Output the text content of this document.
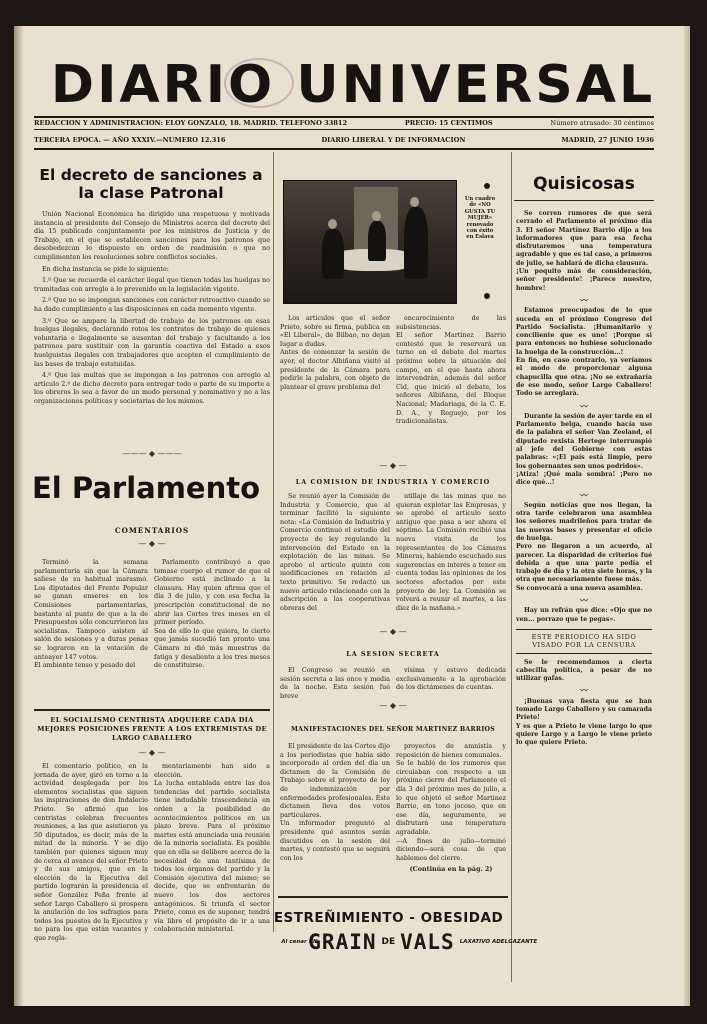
DIARIO UNIVERSAL
REDACCION Y ADMINISTRACION: ELOY GONZALO, 18. MADRID. TELEFONO 33812	PRECIO: 15 CENTIMOS	Número atrasado: 30 céntimos
TERCERA EPOCA. — AÑO XXXIV.—NUMERO 12.316	DIARIO LIBERAL Y DE INFORMACION	MADRID, 27 JUNIO 1936
El decreto de sanciones a la clase Patronal

Unión Nacional Económica ha dirigido una respetuosa y motivada instancia al presidente del Consejo de Ministros acerca del decreto del día 15 publicado conjuntamente por los ministros de Justicia y de Trabajo, en el que se establecen sanciones para los patronos que desobedezcan lo dispuesto en orden de readmisión o que no cumplimenten los resoluciones sobre conflictos sociales.

En dicha instancia se pide lo siguiente:

1.º Que se recuerde el carácter ilegal que tienen todas las huelgas no tramitadas con arreglo a lo prevenido en la legislación vigente.

2.º Que no se impongan sanciones con carácter retroactivo cuando se ha dado cumplimiento a las disposiciones en cada momento vigente.

3.º Que se ampare la libertad de trabajo de los patronos en esas huelgas ilegales, declarando rotos los contratos de trabajo de quienes voluntaria e ilegalmente se ausentan del trabajo y facultando a los patronos para sustituir con la garantía coactiva del Estado a esos huelguistas ilegales con trabajadores que acepten el cumplimiento de las bases de trabajo estatuidas.

4.º Que las multas que se impongan a los patronos con arreglo al artículo 2.º de dicho decreto para entregar todo o parte de su importe a los obreros lo sea a favor de un modo personal y nominativo y no a las organizaciones políticas y societarias de los mismos.

——— ◆ ———
El Parlamento
COMENTARIOS
— ◆ —

Terminó la semana parlamentaria sin que la Cámara saliese de su habitual marasmo. Los diputados del Frente Popular se ganan enseres en los Comisiones parlamentarias, bastante al punto de que a la de Presupuestos sólo concurrieron las socialistas. Tampoco asisten al salón de sesiones y a duras penas se lograron en la votación de anteayer 147 votos.
El ambiente tenso y pesado del

Parlamento contribuyó a que tomase cuerpo el rumor de que el Gobierno está inclinado a la clausura. Hay quien afirma que el día 3 de julio, y con esa fecha la prescripción constitucional de no abrir las Cortes tres meses en el primer período.
Sea de ello lo que quiera, lo cierto que jamás sucedió tan pronto una Cámara ni dió más muestras de fatiga y desaliento a los tres meses de constituirse.

EL SOCIALISMO CENTRISTA ADQUIERE CADA DIA MEJORES POSICIONES FRENTE A LOS EXTREMISTAS DE LARGO CABALLERO
— ◆ —

El comentario político, en la jornada de ayer, giró en torno a la actividad desplegada por los elementos socialistas que siguen las inspiraciones de don Indalecio Prieto. Se afirmó que los centristas celebran frecuentes reuniones, a las que asistieron ya 50 diputados, es decir, más de la mitad de la minoría. Y se dijo también por quienes siguen muy de cerca el avance del señor Prieto y de sus amigos, que en la elección de la Ejecutiva del partido lograrán la presidencia el señor González Peña frente al señor Largo Caballero si prospera la anulación de los sufragios para todos los puestos de la Ejecutiva y no para los que están vacantes y que regla-

mentariamente han sido a elección.
La lucha entablada entre las dos tendencias del partido socialista tiene indudable trascendencia en orden a la posibilidad de acontecimientos políticos en un plazo breve. Para el próximo martes está anunciada una reunión de la minoría socialista. Es posible que en ella se delibere acerca de la necesidad de una tantísima de todos los órganos del partido y la Comisión ejecutiva del mismo; se decide, que se enfrentarán de nuevo los dos sectores antagónicos. Si triunfa el sector Prieto, como es de suponer, tendrá vía libre el propósito de ir a una colaboración ministerial.

Un cuadro de «NO GUSTA TU MUJER» renovado con éxito en Eslava

Los artículos que el señor Prieto, sobre su firma, publica en «El Liberal», de Bilbao, no dejan lugar a dudas.
Antes de comenzar la sesión de ayer, el doctor Albiñana visitó al presidente de la Cámara para pedirle la palabra, con objeto de plantear el grave problema del

encarecimiento de las subsistencias.
El señor Martínez Barrio contestó que le reservará un turno en el debate del martes próximo sobre la situación del campo, en el que hasta ahora intervendrán, además del señor Cid, que inició el debate, los señores Albiñana, del Bloque Nacional; Madariaga, de la C. E. D. A., y Reguejo, por los tradicionalistas.

— ◆ —
LA COMISION DE INDUSTRIA Y COMERCIO

Se reunió ayer la Comisión de Industria y Comercio, que al terminar facilitó la siguiente nota: «La Comisión de Industria y Comercio continuó el estudio del proyecto de ley regulando la intervención del Estado en la explotación de las minas. Se aprobó el artículo quinto con modificaciones en relación al texto primitivo. Se redactó un nuevo artículo relacionado con la adscripción a las cooperativas obreras del

utillaje de las minas que no quieran explotar las Empresas, y se aprobó el artículo sexto antiguo que pasa a ser ahora el séptimo. La Comisión recibió una nueva visita de los representantes de los Cámaras Mineras, habiendo escuchado sus sugerencias en interés a tener en cuenta todas las opiniones de los sectores afectados por este proyecto de ley. La Comisión se volverá a reunir el martes, a las diez de la mañana.»

— ◆ —
LA SESION SECRETA

El Congreso se reunió en sesión secreta a las once y media de la noche. Esta sesión fué breve

vísima y estuvo dedicada exclusivamente a la aprobación de los dictámenes de cuentas.

— ◆ —
MANIFESTACIONES DEL SEÑOR MARTINEZ BARRIOS

El presidente de las Cortes dijo a los periodistas que había sido incorporado al orden del día un dictamen de la Comisión de Trabajo sobre el proyecto de ley de indemnización por enfermedades profesionales. Este dictamen lleva dos votos particulares.
Un informador preguntó al presidente qué asuntos serán discutidos en la sesión del martes, y contestó que se seguirá con los

proyectos de amnistía y reposición de bienes comunales.
Se le habló de los rumores que circulaban con respecto a un próximo cierre del Parlamento el día 3 del próximo mes de julio, a lo que objetó el señor Martínez Barrio, en tono jocoso, que en ese día, seguramente, se disfrutará una temperatura agradable.
—A fines de julio—terminó diciendo—será cosa de que hablemos del cierre.

(Continúa en la pág. 2)

ESTREÑIMIENTO - OBESIDAD
Al cenar UN
GRAIN DE VALS LAXATIVO ADELGAZANTE
Quisicosas

Se corren rumores de que será cerrado el Parlamento el próximo día 3. El señor Martínez Barrio dijo a los informadores que para esa fecha disfrutaremos una temperatura agradable y que es tal caso, a primeros de julio, se hablará de dicha clausura.
¡Un poquito más de consideración, señor presidente! ¡Parece nuestro, hombre!

〰

Estamos preocupados de lo que suceda en el próximo Congreso del Partido Socialista. ¡Humanitario y conciliente que es uno! ¡Porque si para entonces no hubiese solucionado la huelga de la construcción...!
En fin, en caso contrario, ya veríamos el modo de proporcionar alguna chapucilla que otra. ¡No se extrañaría de ese modo, señor Largo Caballero! Todo se arreglará.

〰

Durante la sesión de ayer tarde en el Parlamento belga, cuando hacía uso de la palabra el señor Van Zeeland, el diputado rexista Hertege interrumpió al jefe del Gobierno con estas palabras: «¡El país está limpio, pero los gobernantes son unos podridos».
¡Atiza! ¡Qué mala sombra! ¡Pero no dice qué...!

〰

Según noticias que nos llegan, la otra tarde celebraron una asamblea los señores madrileños para tratar de las nuevas bases y presentar el oficio de huelga.
Pero no llegaron a un acuerdo, al parecer. La disparidad de criterios fué debida a que una parte pedía el trabajo de día y la otra siete horas, y la otra que necesariamente fuese más.
Se convocará a una nueva asamblea.

〰

Hay un refrán que dice: «Ojo que no ven... porrazo que te pegas».

ESTE PERIODICO HA SIDO VISADO POR LA CENSURA

Se le recomendamos a cierta cabecilla política, a pesar de no utilizar gafas.

〰

¡Buenas vaya fiesta que se han tomado Largo Caballero y su camarada Prieto!
Y es que a Prieto le viene largo lo que quiere Largo y a Largo le viene prieto lo que quiere Prieto.
